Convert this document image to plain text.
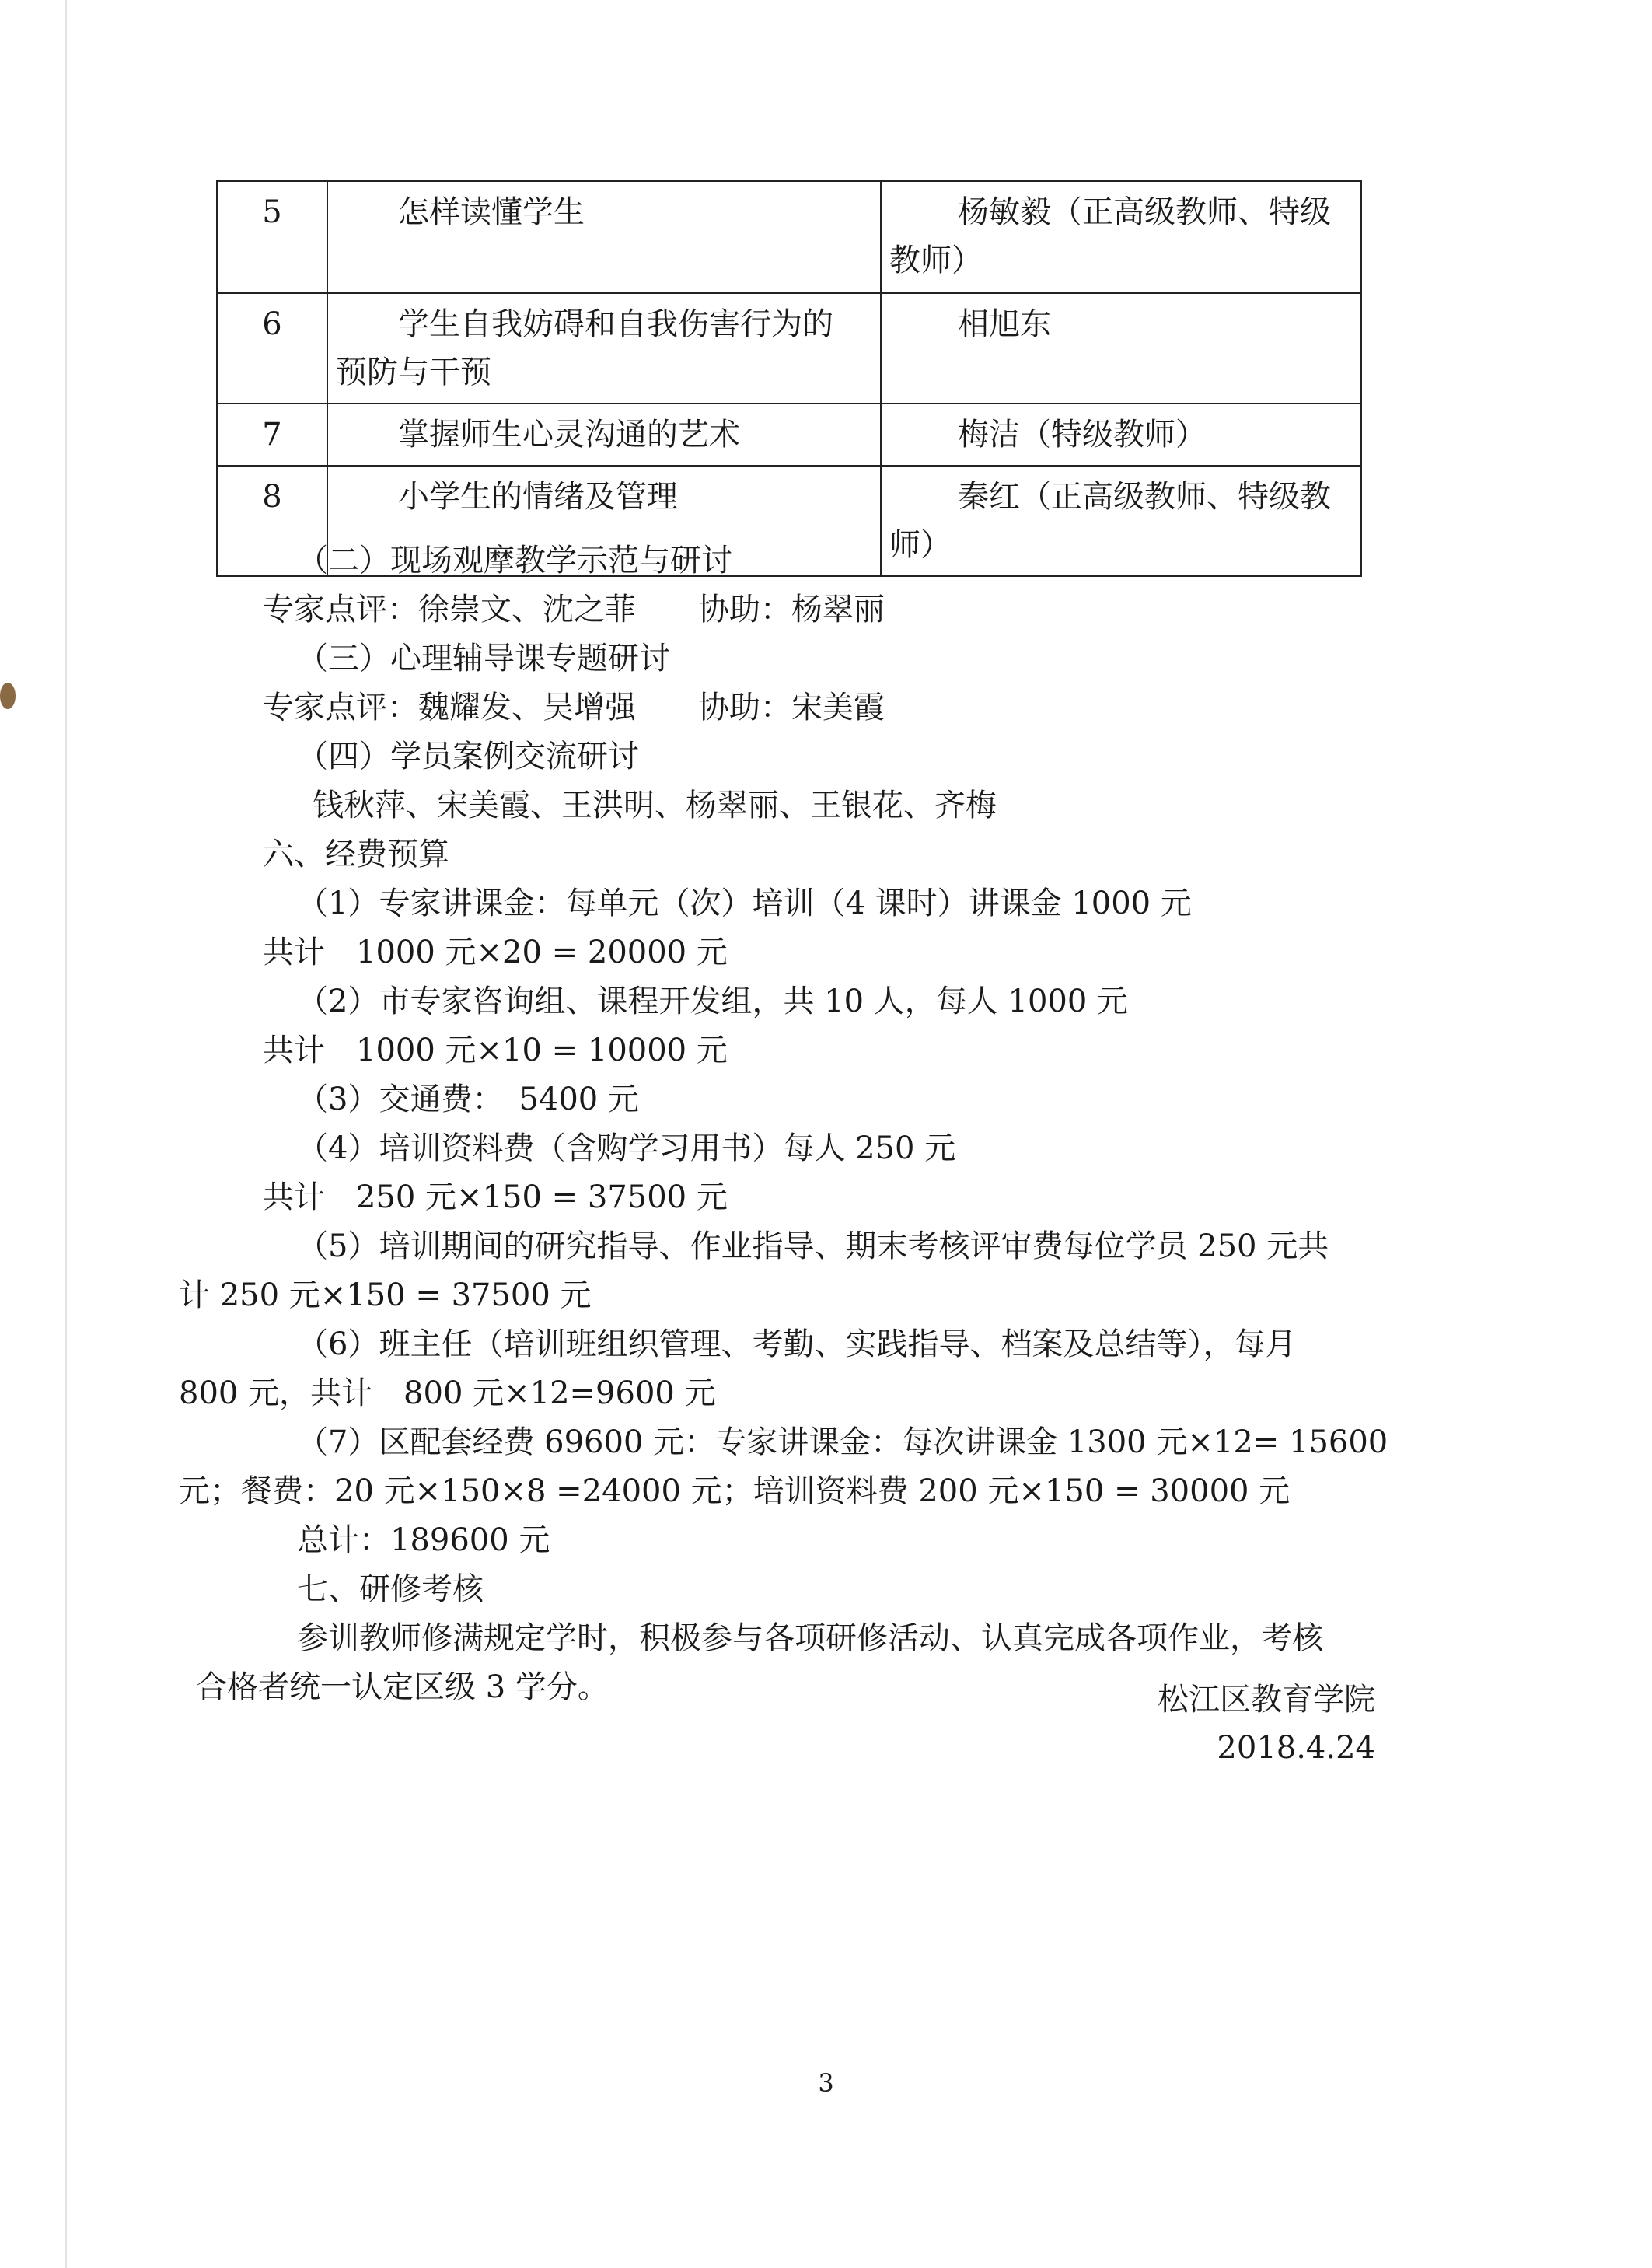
5	怎样读懂学生	杨敏毅（正高级教师、特级
教师）

6	学生自我妨碍和自我伤害行为的
预防与干预	相旭东

7	掌握师生心灵沟通的艺术	梅洁（特级教师）

8	小学生的情绪及管理	秦红（正高级教师、特级教
师）
（二）现场观摩教学示范与研讨
专家点评：徐崇文、沈之菲　　协助：杨翠丽
（三）心理辅导课专题研讨
专家点评：魏耀发、吴增强　　协助：宋美霞
（四）学员案例交流研讨
钱秋萍、宋美霞、王洪明、杨翠丽、王银花、齐梅
六、经费预算
（1）专家讲课金：每单元（次）培训（4 课时）讲课金 1000 元
共计　1000 元×20 = 20000 元
（2）市专家咨询组、课程开发组，共 10 人，每人 1000 元
共计　1000 元×10 = 10000 元
（3）交通费：　5400 元
（4）培训资料费（含购学习用书）每人 250 元
共计　250 元×150 = 37500 元
（5）培训期间的研究指导、作业指导、期末考核评审费每位学员 250 元共
计 250 元×150 = 37500 元
（6）班主任（培训班组织管理、考勤、实践指导、档案及总结等），每月
800 元，共计　800 元×12=9600 元
（7）区配套经费 69600 元：专家讲课金：每次讲课金 1300 元×12= 15600
元；餐费：20 元×150×8 =24000 元；培训资料费 200 元×150 = 30000 元
总计：189600 元
七、研修考核
参训教师修满规定学时，积极参与各项研修活动、认真完成各项作业，考核
合格者统一认定区级 3 学分。	松江区教育学院
2018.4.24
3
